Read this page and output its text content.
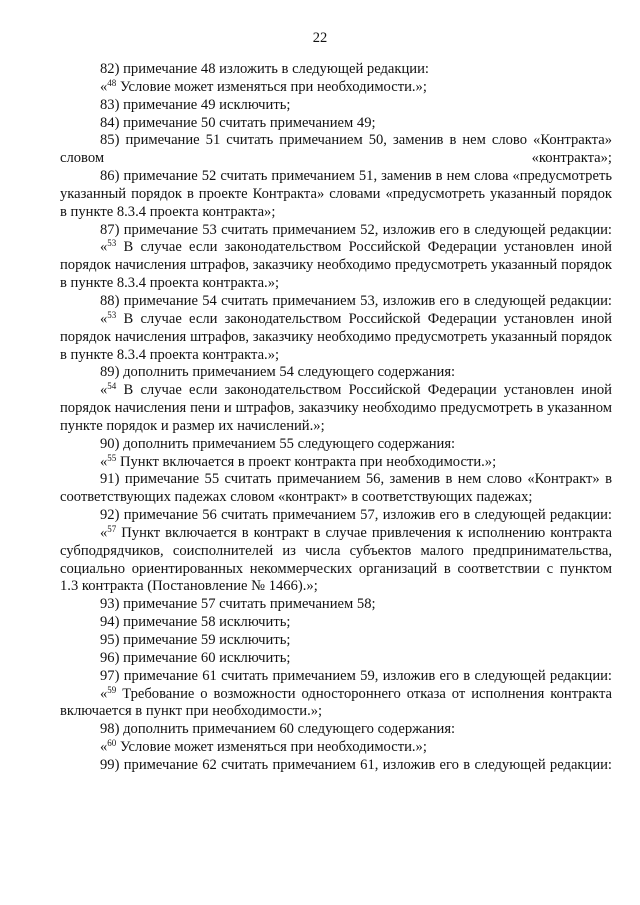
22

82) примечание 48 изложить в следующей редакции:

«$^{48}$ Условие может изменяться при необходимости.»;

83) примечание 49 исключить;

84) примечание 50 считать примечанием 49;

85) примечание 51 считать примечанием 50, заменив в нем слово «Контракта» словом «контракта»;

86) примечание 52 считать примечанием 51, заменив в нем слова «предусмотреть указанный порядок в проекте Контракта» словами «предусмотреть указанный порядок в пункте 8.3.4 проекта контракта»;

87) примечание 53 считать примечанием 52, изложив его в следующей редакции:

«$^{53}$ В случае если законодательством Российской Федерации установлен иной порядок начисления штрафов, заказчику необходимо предусмотреть указанный порядок в пункте 8.3.4 проекта контракта.»;

88) примечание 54 считать примечанием 53, изложив его в следующей редакции:

«$^{53}$ В случае если законодательством Российской Федерации установлен иной порядок начисления штрафов, заказчику необходимо предусмотреть указанный порядок в пункте 8.3.4 проекта контракта.»;

89) дополнить примечанием 54 следующего содержания:

«$^{54}$ В случае если законодательством Российской Федерации установлен иной порядок начисления пени и штрафов, заказчику необходимо предусмотреть в указанном пункте порядок и размер их начислений.»;

90) дополнить примечанием 55 следующего содержания:

«$^{55}$ Пункт включается в проект контракта при необходимости.»;

91) примечание 55 считать примечанием 56, заменив в нем слово «Контракт» в соответствующих падежах словом «контракт» в соответствующих падежах;

92) примечание 56 считать примечанием 57, изложив его в следующей редакции:

«$^{57}$ Пункт включается в контракт в случае привлечения к исполнению контракта субподрядчиков, соисполнителей из числа субъектов малого предпринимательства, социально ориентированных некоммерческих организаций в соответствии с пунктом 1.3 контракта (Постановление № 1466).»;

93) примечание 57 считать примечанием 58;

94) примечание 58 исключить;

95) примечание 59 исключить;

96) примечание 60 исключить;

97) примечание 61 считать примечанием 59, изложив его в следующей редакции:

«$^{59}$ Требование о возможности одностороннего отказа от исполнения контракта включается в пункт при необходимости.»;

98) дополнить примечанием 60 следующего содержания:

«$^{60}$ Условие может изменяться при необходимости.»;

99) примечание 62 считать примечанием 61, изложив его в следующей редакции:
